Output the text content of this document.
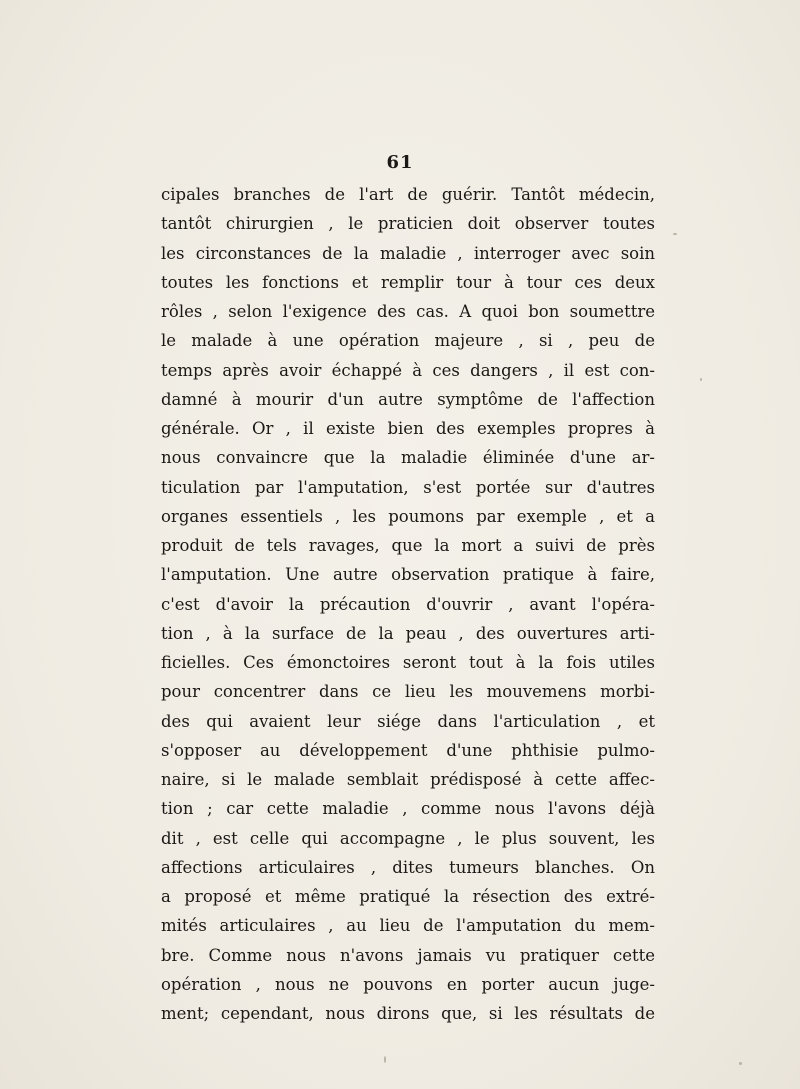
61
cipales branches de l'art de guérir. Tantôt médecin,
tantôt chirurgien , le praticien doit observer toutes
les circonstances de la maladie , interroger avec soin
toutes les fonctions et remplir tour à tour ces deux
rôles , selon l'exigence des cas. A quoi bon soumettre
le malade à une opération majeure , si , peu de
temps après avoir échappé à ces dangers , il est con-
damné à mourir d'un autre symptôme de l'affection
générale. Or , il existe bien des exemples propres à
nous convaincre que la maladie éliminée d'une ar-
ticulation par l'amputation, s'est portée sur d'autres
organes essentiels , les poumons par exemple , et a
produit de tels ravages, que la mort a suivi de près
l'amputation. Une autre observation pratique à faire,
c'est d'avoir la précaution d'ouvrir , avant l'opéra-
tion , à la surface de la peau , des ouvertures arti-
ficielles. Ces émonctoires seront tout à la fois utiles
pour concentrer dans ce lieu les mouvemens morbi-
des qui avaient leur siége dans l'articulation , et
s'opposer au développement d'une phthisie pulmo-
naire, si le malade semblait prédisposé à cette affec-
tion ; car cette maladie , comme nous l'avons déjà
dit , est celle qui accompagne , le plus souvent, les
affections articulaires , dites tumeurs blanches. On
a proposé et même pratiqué la résection des extré-
mités articulaires , au lieu de l'amputation du mem-
bre. Comme nous n'avons jamais vu pratiquer cette
opération , nous ne pouvons en porter aucun juge-
ment; cependant, nous dirons que, si les résultats de
